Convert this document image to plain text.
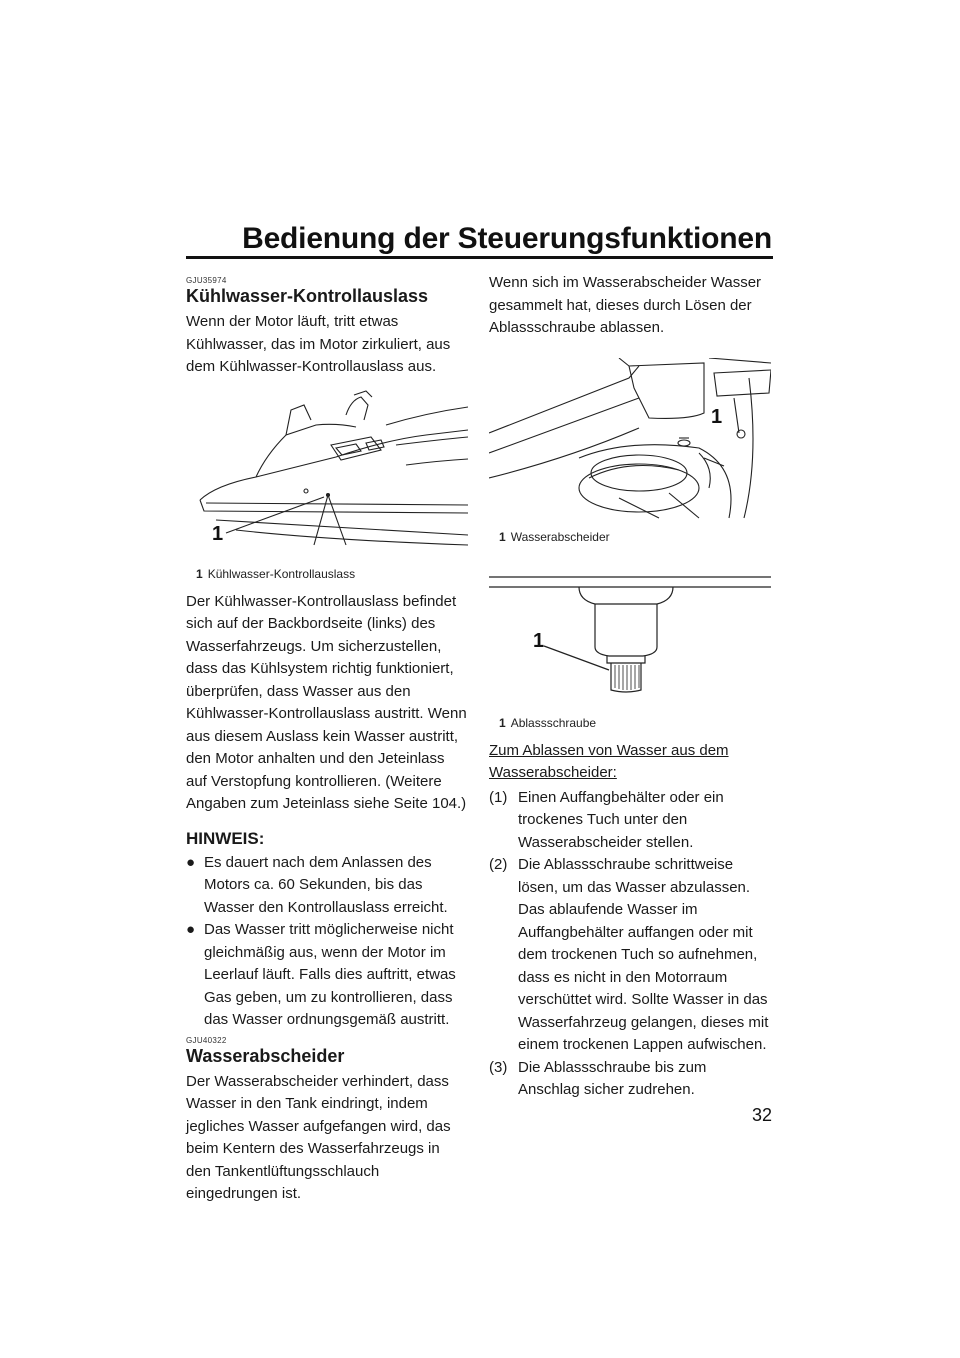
Bedienung der Steuerungsfunktionen
GJU35974
Kühlwasser-Kontrollauslass

Wenn der Motor läuft, tritt etwas Kühlwasser, das im Motor zirkuliert, aus dem Kühlwasser-Kontrollauslass aus.

1
1 Kühlwasser-Kontrollauslass

Der Kühlwasser-Kontrollauslass befindet sich auf der Backbordseite (links) des Wasserfahrzeugs. Um sicherzustellen, dass das Kühlsystem richtig funktioniert, überprüfen, dass Wasser aus den Kühlwasser-Kontrollauslass austritt. Wenn aus diesem Auslass kein Wasser austritt, den Motor anhalten und den Jeteinlass auf Verstopfung kontrollieren. (Weitere Angaben zum Jeteinlass siehe Seite 104.)

HINWEIS:
● Es dauert nach dem Anlassen des Motors ca. 60 Sekunden, bis das Wasser den Kontrollauslass erreicht.
● Das Wasser tritt möglicherweise nicht gleichmäßig aus, wenn der Motor im Leerlauf läuft. Falls dies auftritt, etwas Gas geben, um zu kontrollieren, dass das Wasser ordnungsgemäß austritt.
GJU40322
Wasserabscheider

Der Wasserabscheider verhindert, dass Wasser in den Tank eindringt, indem jegliches Wasser aufgefangen wird, das beim Kentern des Wasserfahrzeugs in den Tankentlüftungsschlauch eingedrungen ist.

Wenn sich im Wasserabscheider Wasser gesammelt hat, dieses durch Lösen der Ablassschraube ablassen.

1
1 Wasserabscheider
1
1 Ablassschraube
Zum Ablassen von Wasser aus dem Wasserabscheider:
(1) Einen Auffangbehälter oder ein trockenes Tuch unter den Wasserabscheider stellen.
(2) Die Ablassschraube schrittweise lösen, um das Wasser abzulassen. Das ablaufende Wasser im Auffangbehälter auffangen oder mit dem trockenen Tuch so aufnehmen, dass es nicht in den Motorraum verschüttet wird. Sollte Wasser in das Wasserfahrzeug gelangen, dieses mit einem trockenen Lappen aufwischen.
(3) Die Ablassschraube bis zum Anschlag sicher zudrehen.
32
